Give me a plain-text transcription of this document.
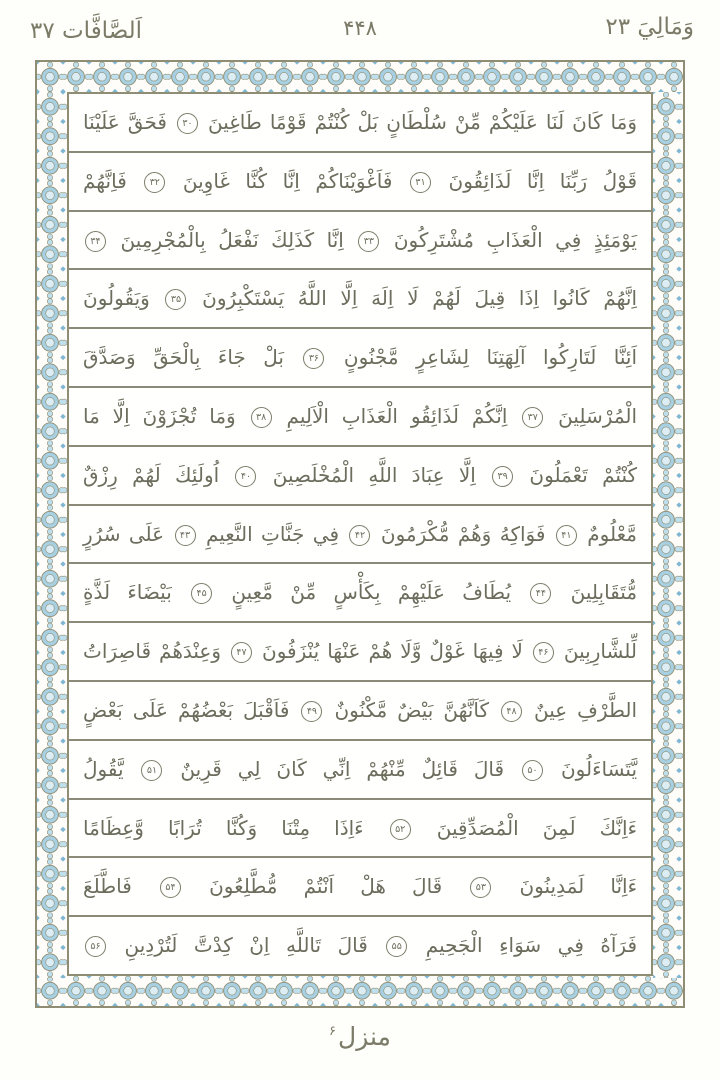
وَمَالِيَ ۲۳
۴۴۸
اَلصَّافَّات ۳۷
وَمَا كَانَ لَنَا عَلَيْكُمْ مِّنْ سُلْطَانٍ بَلْ كُنْتُمْ قَوْمًا طَاغِينَ ۳۰ فَحَقَّ عَلَيْنَا
قَوْلُ رَبِّنَا اِنَّا لَذَائِقُونَ ۳۱ فَاَغْوَيْنَاكُمْ اِنَّا كُنَّا غَاوِينَ ۳۲ فَاِنَّهُمْ
يَوْمَئِذٍ فِي الْعَذَابِ مُشْتَرِكُونَ ۳۳ اِنَّا كَذَلِكَ نَفْعَلُ بِالْمُجْرِمِينَ ۳۴
اِنَّهُمْ كَانُوا اِذَا قِيلَ لَهُمْ لَا اِلَهَ اِلَّا اللَّهُ يَسْتَكْبِرُونَ ۳۵ وَيَقُولُونَ
اَئِنَّا لَتَارِكُوا آلِهَتِنَا لِشَاعِرٍ مَّجْنُونٍ ۳۶ بَلْ جَاءَ بِالْحَقِّ وَصَدَّقَ
الْمُرْسَلِينَ ۳۷ اِنَّكُمْ لَذَائِقُو الْعَذَابِ الْاَلِيمِ ۳۸ وَمَا تُجْزَوْنَ اِلَّا مَا
كُنْتُمْ تَعْمَلُونَ ۳۹ اِلَّا عِبَادَ اللَّهِ الْمُخْلَصِينَ ۴۰ اُولَئِكَ لَهُمْ رِزْقٌ
مَّعْلُومٌ ۴۱ فَوَاكِهُ وَهُمْ مُّكْرَمُونَ ۴۲ فِي جَنَّاتِ النَّعِيمِ ۴۳ عَلَى سُرُرٍ
مُّتَقَابِلِينَ ۴۴ يُطَافُ عَلَيْهِمْ بِكَأْسٍ مِّنْ مَّعِينٍ ۴۵ بَيْضَاءَ لَذَّةٍ
لِّلشَّارِبِينَ ۴۶ لَا فِيهَا غَوْلٌ وَّلَا هُمْ عَنْهَا يُنْزَفُونَ ۴۷ وَعِنْدَهُمْ قَاصِرَاتُ
الطَّرْفِ عِينٌ ۴۸ كَاَنَّهُنَّ بَيْضٌ مَّكْنُونٌ ۴۹ فَاَقْبَلَ بَعْضُهُمْ عَلَى بَعْضٍ
يَّتَسَاءَلُونَ ۵۰ قَالَ قَائِلٌ مِّنْهُمْ اِنِّي كَانَ لِي قَرِينٌ ۵۱ يَّقُولُ
ءَاِنَّكَ لَمِنَ الْمُصَدِّقِينَ ۵۲ ءَاِذَا مِتْنَا وَكُنَّا تُرَابًا وَّعِظَامًا
ءَاِنَّا لَمَدِينُونَ ۵۳ قَالَ هَلْ اَنْتُمْ مُّطَّلِعُونَ ۵۴ فَاطَّلَعَ
فَرَآهُ فِي سَوَاءِ الْجَحِيمِ ۵۵ قَالَ تَاللَّهِ اِنْ كِدْتَّ لَتُرْدِينِ ۵۶
منزل$^۶$
